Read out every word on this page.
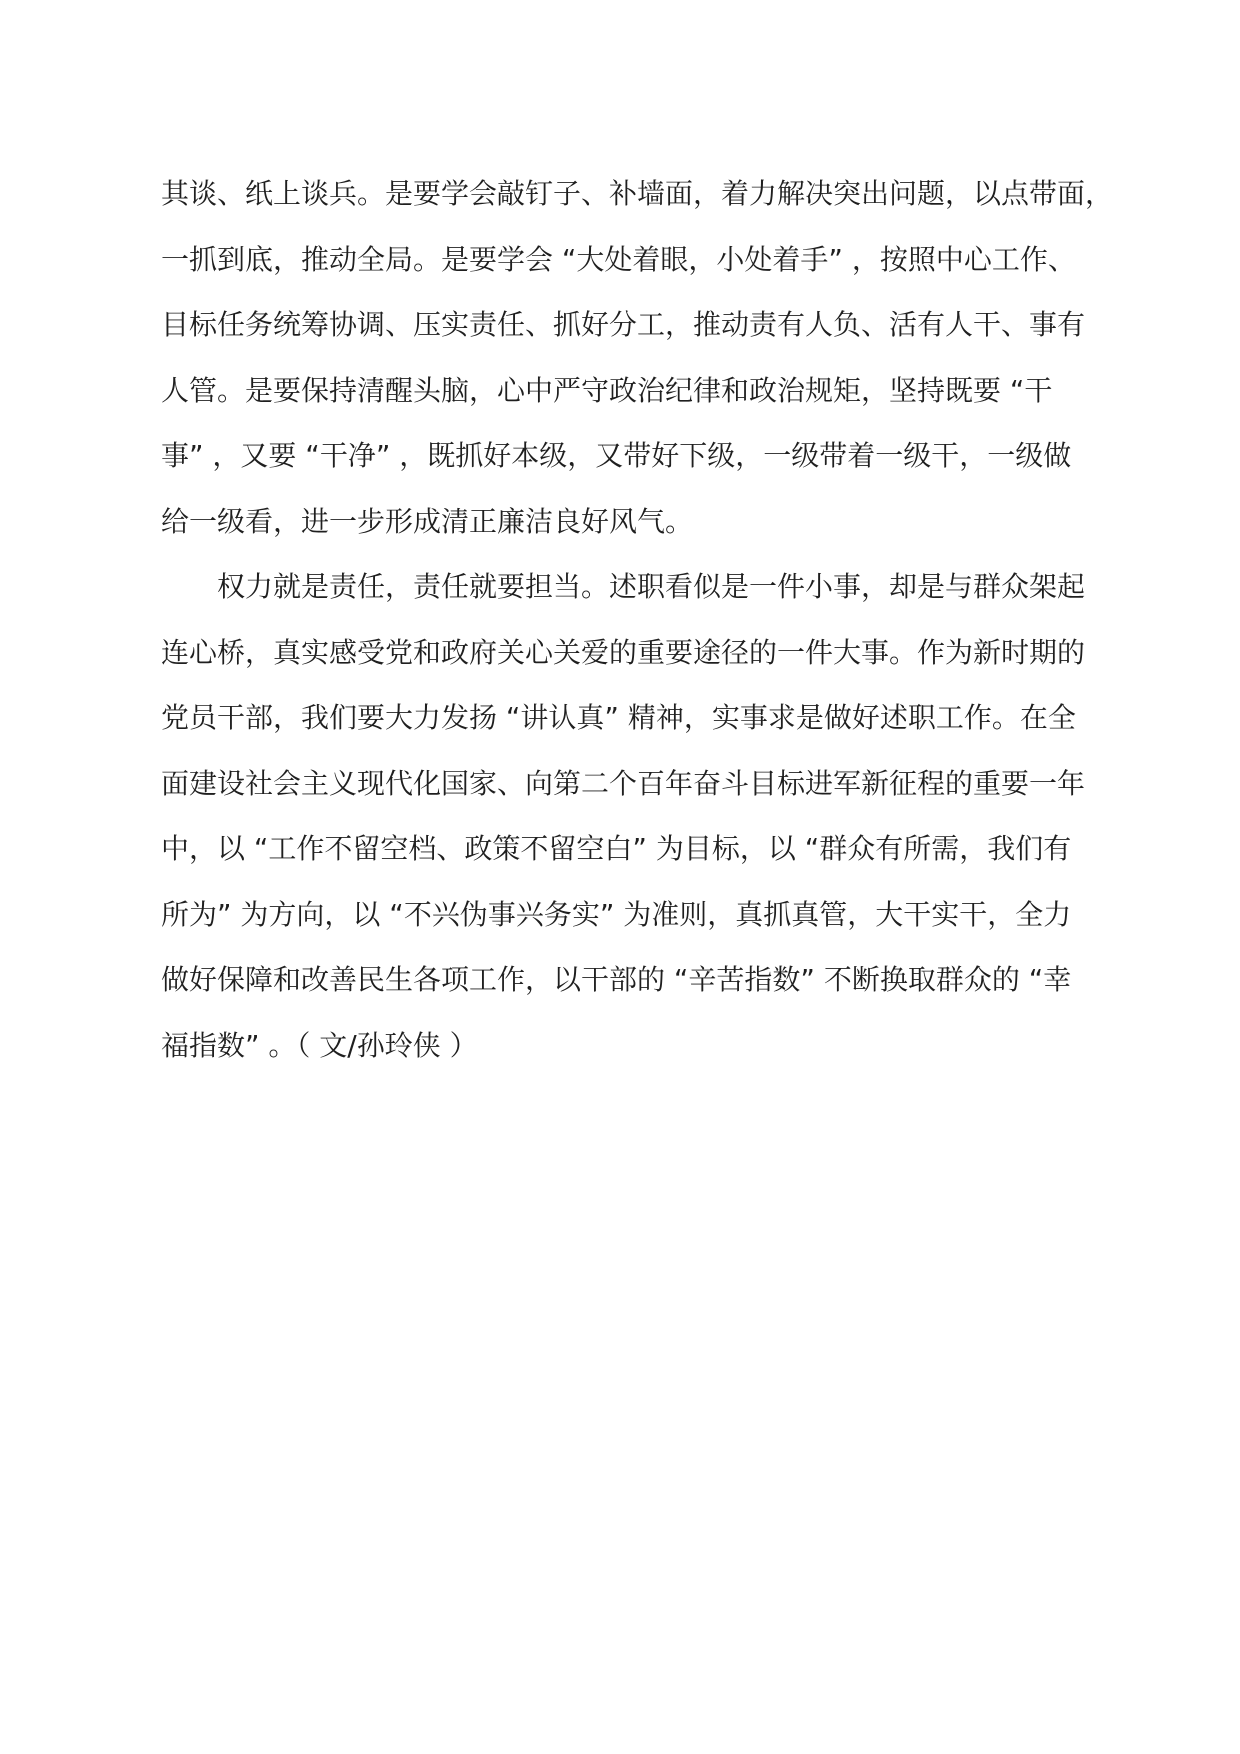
其谈、纸上谈兵。是要学会敲钉子、补墙面，着力解决突出问题，以点带面，

一抓到底，推动全局。是要学会 “大处着眼，小处着手” ，按照中心工作、

目标任务统筹协调、压实责任、抓好分工，推动责有人负、活有人干、事有

人管。是要保持清醒头脑，心中严守政治纪律和政治规矩，坚持既要 “干

事” ，又要 “干净” ，既抓好本级，又带好下级，一级带着一级干，一级做

给一级看，进一步形成清正廉洁良好风气。

　　权力就是责任，责任就要担当。述职看似是一件小事，却是与群众架起

连心桥，真实感受党和政府关心关爱的重要途径的一件大事。作为新时期的

党员干部，我们要大力发扬 “讲认真” 精神，实事求是做好述职工作。在全

面建设社会主义现代化国家、向第二个百年奋斗目标进军新征程的重要一年

中，以 “工作不留空档、政策不留空白” 为目标，以 “群众有所需，我们有

所为” 为方向，以 “不兴伪事兴务实” 为准则，真抓真管，大干实干，全力

做好保障和改善民生各项工作，以干部的 “辛苦指数” 不断换取群众的 “幸

福指数” 。（ 文/孙玲侠 ）
